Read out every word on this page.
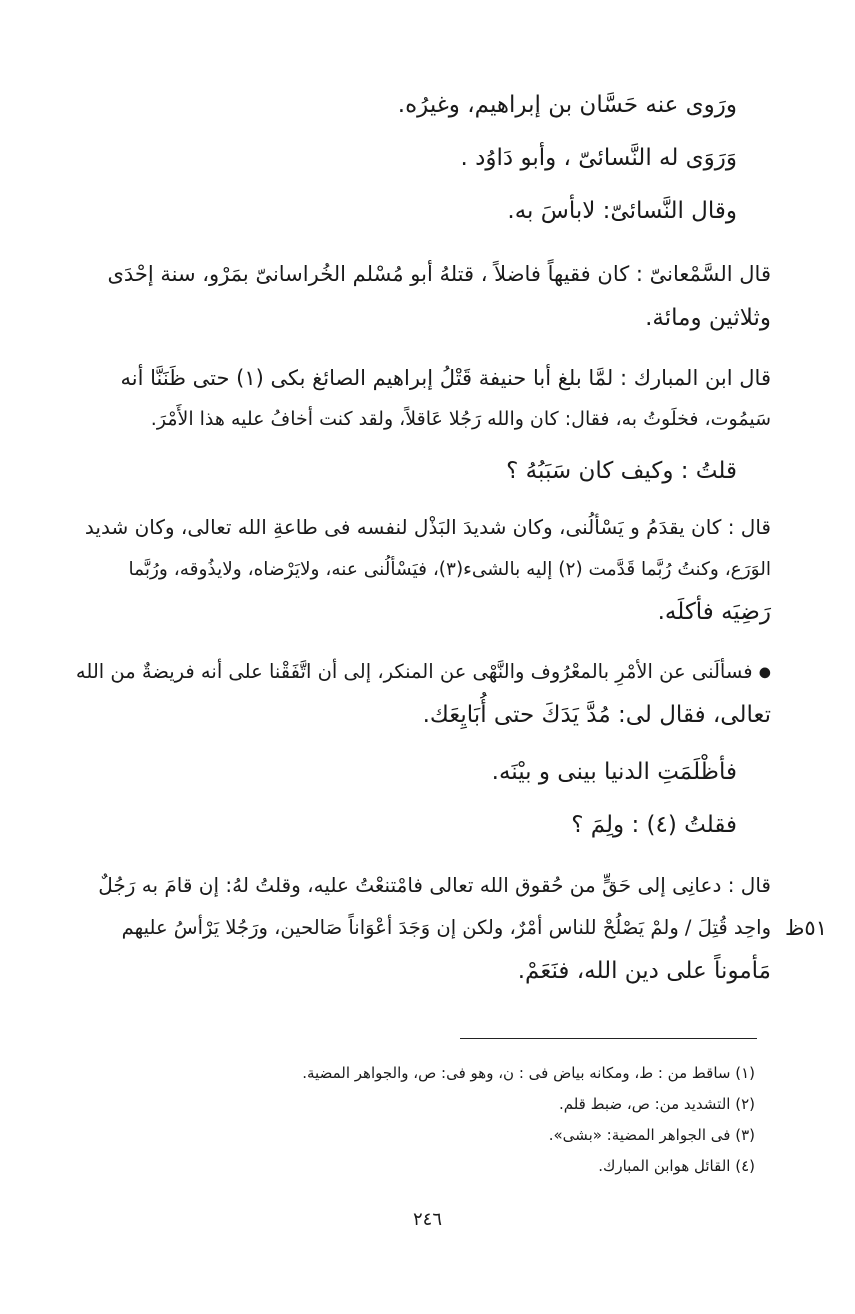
ورَوى عنه حَسَّان بن إبراهيم، وغيرُه.
وَرَوَى له النَّسائىّ ، وأبو دَاوُد .
وقال النَّسائىّ: لابأسَ به.
قال السَّمْعانىّ : كان فقيهاً فاضلاً ، قتلهُ أبو مُسْلم الخُراسانىّ بمَرْو، سنة إحْدَى
وثلاثين ومائة.
قال ابن المبارك : لمَّا بلغ أبا حنيفة قَتْلُ إبراهيم الصائغ بكى (١) حتى ظَنَنَّا أنه
سَيمُوت، فخلَوتُ به، فقال: كان والله رَجُلا عَاقلاً، ولقد كنت أخافُ عليه هذا الأَمْرَ.
قلتُ : وكيف كان سَبَبُهُ ؟
قال : كان يقدَمُ و يَسْألُنى، وكان شديدَ البَذْل لنفسه فى طاعةِ الله تعالى، وكان شديد
الوَرَع، وكنتُ رُبَّما قَدَّمت (٢) إليه بالشىء(٣)، فيَسْألُنى عنه، ولايَرْضاه، ولايذُوقه، ورُبَّما
رَضِيَه فأكلَه.
● فسألَنى عن الأمْرِ بالمعْرُوف والنَّهْى عن المنكر، إلى أن اتَّفَقْنا على أنه فريضةٌ من الله
تعالى، فقال لى: مُدَّ يَدَكَ حتى أُبَايِعَك.
فأظْلَمَتِ الدنيا بينى و بيْنَه.
فقلتُ (٤) : ولِمَ ؟
قال : دعانِى إلى حَقٍّ من حُقوق الله تعالى فامْتنعْتُ عليه، وقلتُ لهُ: إن قامَ به رَجُلٌ
واحِد قُتِلَ / ولمْ يَصْلُحْ للناس أمْرٌ، ولكن إن وَجَدَ أعْوَاناً صَالحين، ورَجُلا يَرْأسُ عليهم
مَأموناً على دين الله، فنَعَمْ.
٥١ظ
(١) ساقط من : ط، ومكانه بياض فى : ن، وهو فى: ص، والجواهر المضية.
(٢) التشديد من: ص، ضبط قلم.
(٣) فى الجواهر المضية: «بشى».
(٤) القائل هوابن المبارك.
٢٤٦
